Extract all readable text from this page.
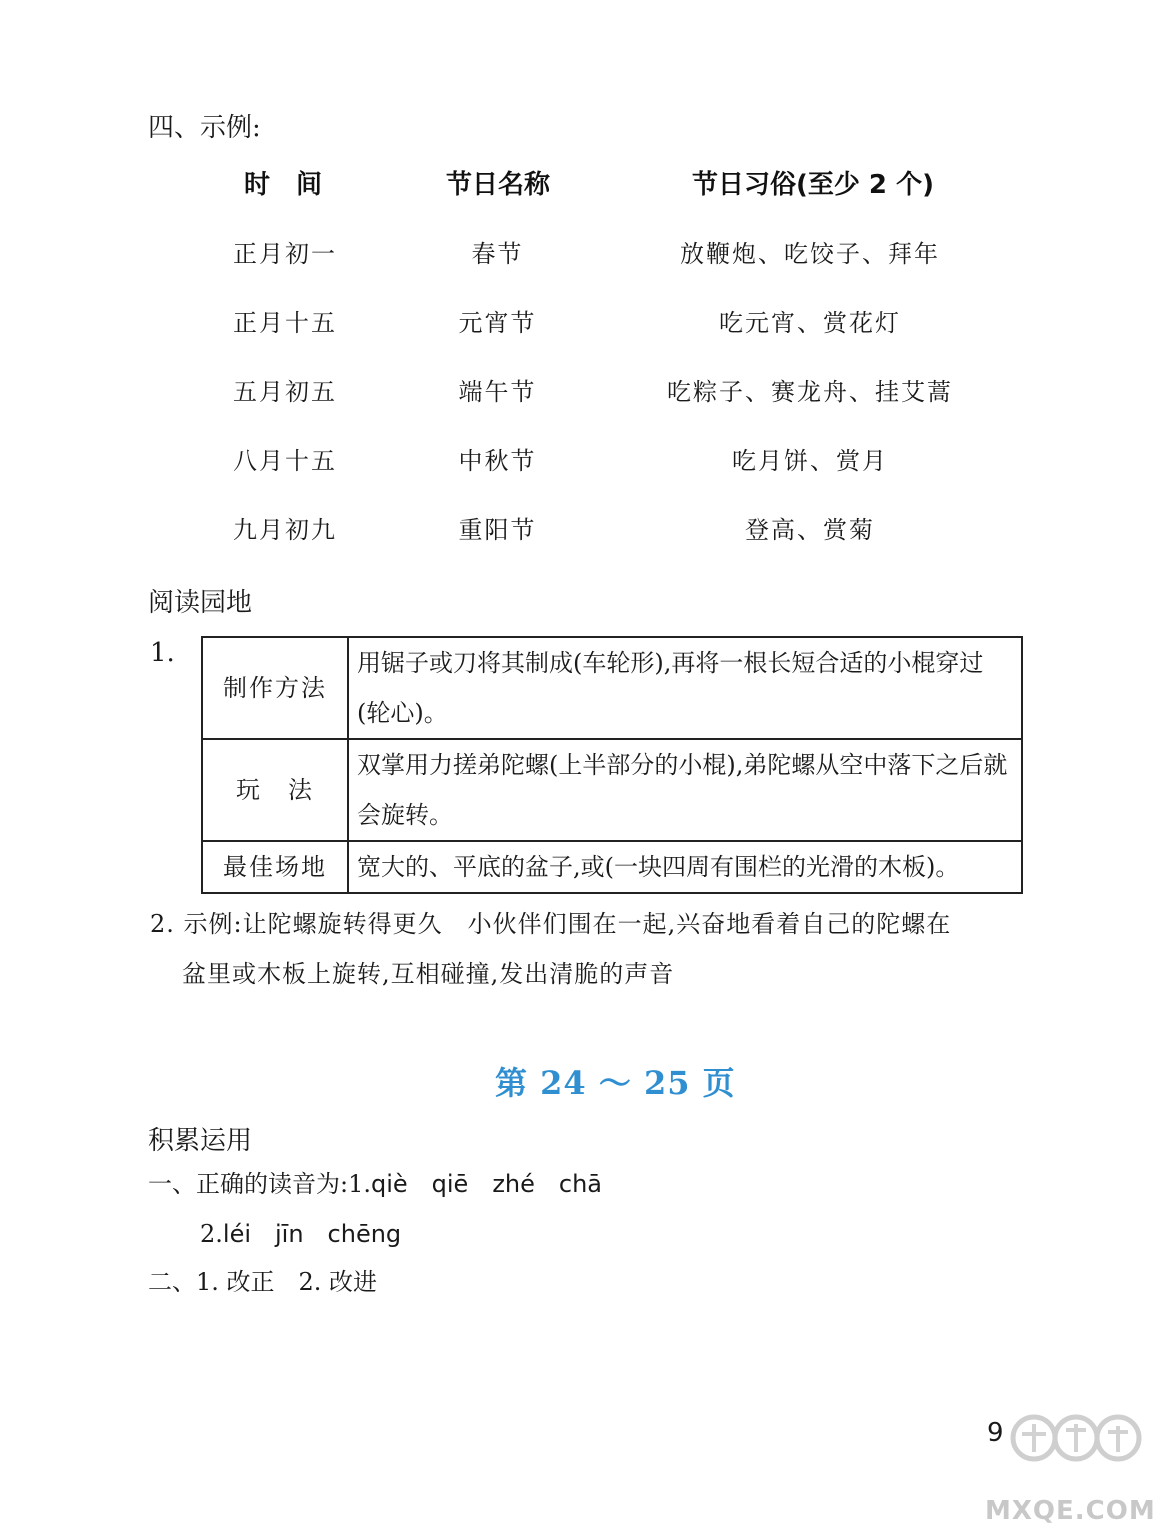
四、示例:
时　间	节日名称	节日习俗(至少 2 个)
正月初一	春节	放鞭炮、吃饺子、拜年
正月十五	元宵节	吃元宵、赏花灯
五月初五	端午节	吃粽子、赛龙舟、挂艾蒿
八月十五	中秋节	吃月饼、赏月
九月初九	重阳节	登高、赏菊
阅读园地
1.
制作方法	用锯子或刀将其制成(车轮形),再将一根长短合适的小棍穿过(轮心)。
玩　法	双掌用力搓弟陀螺(上半部分的小棍),弟陀螺从空中落下之后就会旋转。
最佳场地	宽大的、平底的盆子,或(一块四周有围栏的光滑的木板)。
2. 示例:让陀螺旋转得更久　小伙伴们围在一起,兴奋地看着自己的陀螺在
盆里或木板上旋转,互相碰撞,发出清脆的声音
第 24 ～ 25 页
积累运用
一、正确的读音为:1.qiè　qiē　zhé　chā
2.léi　jīn　chēng
二、1. 改正　2. 改进
9
MXQE.COM
